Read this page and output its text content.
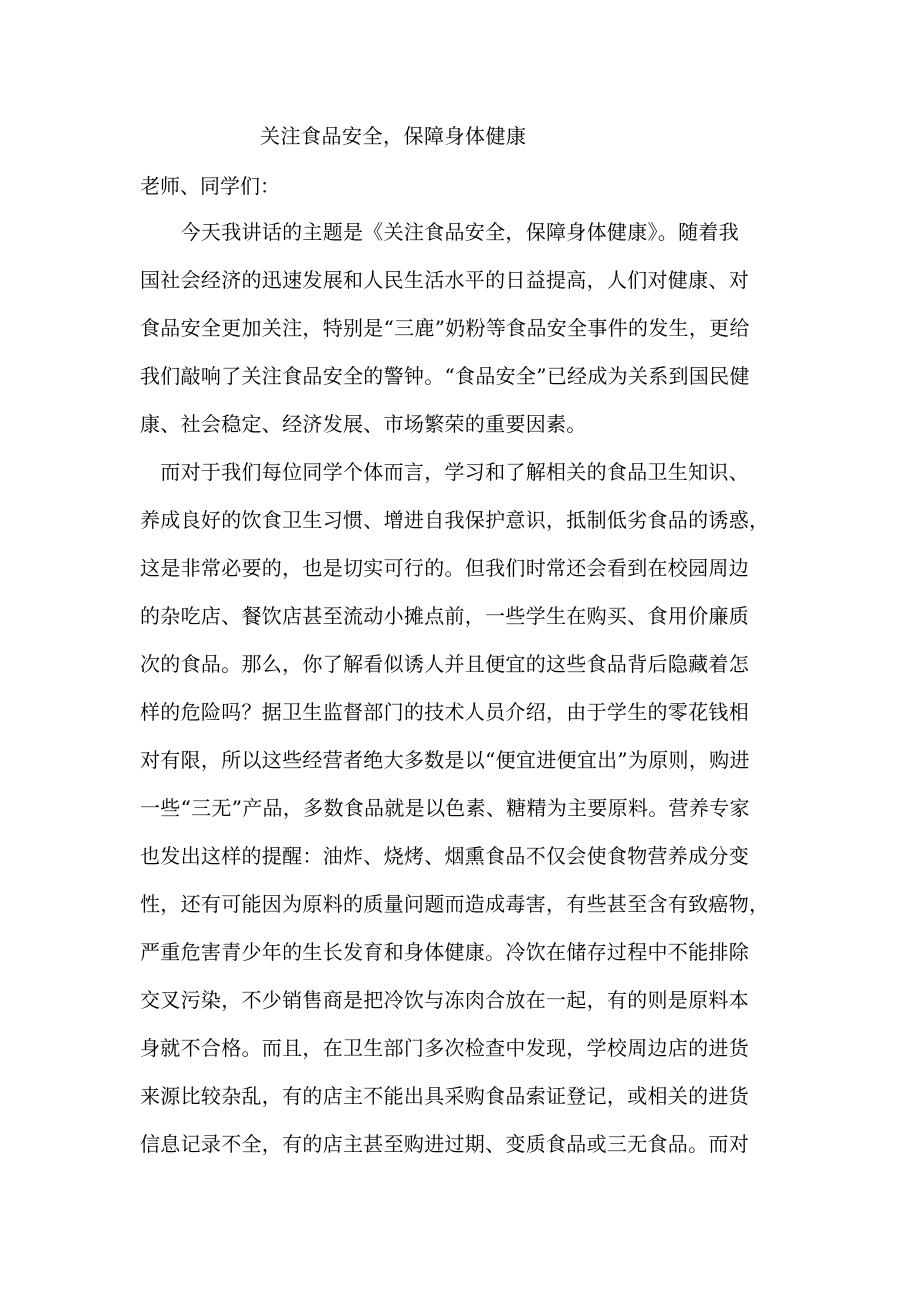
关注食品安全，保障身体健康
老师、同学们：
　　今天我讲话的主题是《关注食品安全，保障身体健康》。随着我
国社会经济的迅速发展和人民生活水平的日益提高，人们对健康、对
食品安全更加关注，特别是“三鹿”奶粉等食品安全事件的发生，更给
我们敲响了关注食品安全的警钟。“食品安全”已经成为关系到国民健
康、社会稳定、经济发展、市场繁荣的重要因素。
　而对于我们每位同学个体而言，学习和了解相关的食品卫生知识、
养成良好的饮食卫生习惯、增进自我保护意识，抵制低劣食品的诱惑，
这是非常必要的，也是切实可行的。但我们时常还会看到在校园周边
的杂吃店、餐饮店甚至流动小摊点前，一些学生在购买、食用价廉质
次的食品。那么，你了解看似诱人并且便宜的这些食品背后隐藏着怎
样的危险吗？据卫生监督部门的技术人员介绍，由于学生的零花钱相
对有限，所以这些经营者绝大多数是以“便宜进便宜出”为原则，购进
一些“三无”产品，多数食品就是以色素、糖精为主要原料。营养专家
也发出这样的提醒：油炸、烧烤、烟熏食品不仅会使食物营养成分变
性，还有可能因为原料的质量问题而造成毒害，有些甚至含有致癌物，
严重危害青少年的生长发育和身体健康。冷饮在储存过程中不能排除
交叉污染，不少销售商是把冷饮与冻肉合放在一起，有的则是原料本
身就不合格。而且，在卫生部门多次检查中发现，学校周边店的进货
来源比较杂乱，有的店主不能出具采购食品索证登记，或相关的进货
信息记录不全，有的店主甚至购进过期、变质食品或三无食品。而对
